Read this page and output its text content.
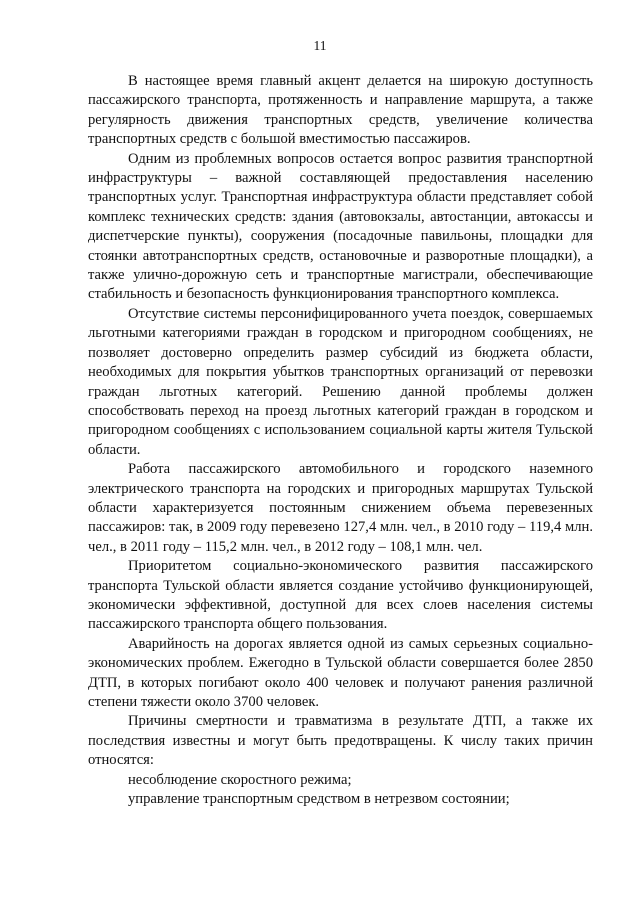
11

В настоящее время главный акцент делается на широкую доступность пассажирского транспорта, протяженность и направление маршрута, а также регулярность движения транспортных средств, увеличение количества транспортных средств с большой вместимостью пассажиров.

Одним из проблемных вопросов остается вопрос развития транспортной инфраструктуры – важной составляющей предоставления населению транспортных услуг. Транспортная инфраструктура области представляет собой комплекс технических средств: здания (автовокзалы, автостанции, автокассы и диспетчерские пункты), сооружения (посадочные павильоны, площадки для стоянки автотранспортных средств, остановочные и разворотные площадки), а также улично-дорожную сеть и транспортные магистрали, обеспечивающие стабильность и безопасность функционирования транспортного комплекса.

Отсутствие системы персонифицированного учета поездок, совершаемых льготными категориями граждан в городском и пригородном сообщениях, не позволяет достоверно определить размер субсидий из бюджета области, необходимых для покрытия убытков транспортных организаций от перевозки граждан льготных категорий. Решению данной проблемы должен способствовать переход на проезд льготных категорий граждан в городском и пригородном сообщениях с использованием социальной карты жителя Тульской области.

Работа пассажирского автомобильного и городского наземного электрического транспорта на городских и пригородных маршрутах Тульской области характеризуется постоянным снижением объема перевезенных пассажиров: так, в 2009 году перевезено 127,4 млн. чел., в 2010 году – 119,4 млн. чел., в 2011 году – 115,2 млн. чел., в 2012 году – 108,1 млн. чел.

Приоритетом социально-экономического развития пассажирского транспорта Тульской области является создание устойчиво функционирующей, экономически эффективной, доступной для всех слоев населения системы пассажирского транспорта общего пользования.

Аварийность на дорогах является одной из самых серьезных социально-экономических проблем. Ежегодно в Тульской области совершается более 2850 ДТП, в которых погибают около 400 человек и получают ранения различной степени тяжести около 3700 человек.

Причины смертности и травматизма в результате ДТП, а также их последствия известны и могут быть предотвращены. К числу таких причин относятся:

несоблюдение скоростного режима;

управление транспортным средством в нетрезвом состоянии;
